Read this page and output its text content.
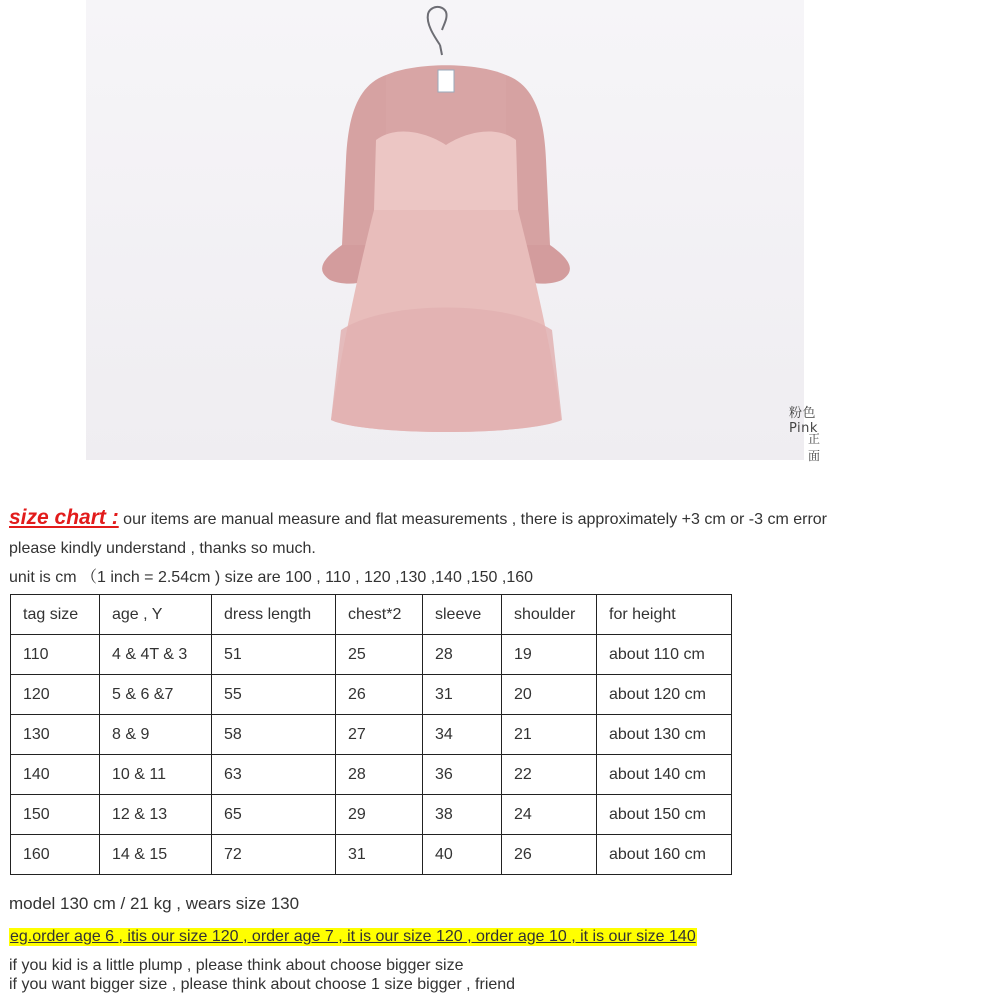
粉色 Pink
正面
size chart : our items are manual measure and flat measurements , there is approximately +3 cm or -3 cm error
please kindly understand , thanks so much.
unit is cm （1 inch = 2.54cm ) size are 100 , 110 , 120 ,130 ,140 ,150 ,160
tag size	age , Y	dress length	chest*2	sleeve	shoulder	for height
110	4 & 4T & 3	51	25	28	19	about 110 cm
120	5 & 6 &7	55	26	31	20	about 120 cm
130	8 & 9	58	27	34	21	about 130 cm
140	10 & 11	63	28	36	22	about 140 cm
150	12 & 13	65	29	38	24	about 150 cm
160	14 & 15	72	31	40	26	about 160 cm
model 130 cm / 21 kg , wears size 130
eg.order age 6 , itis our size 120 , order age 7 , it is our size 120 , order age 10 , it is our size 140
if you kid is a little plump , please think about choose bigger size
if you want bigger size , please think about choose 1 size bigger , friend
